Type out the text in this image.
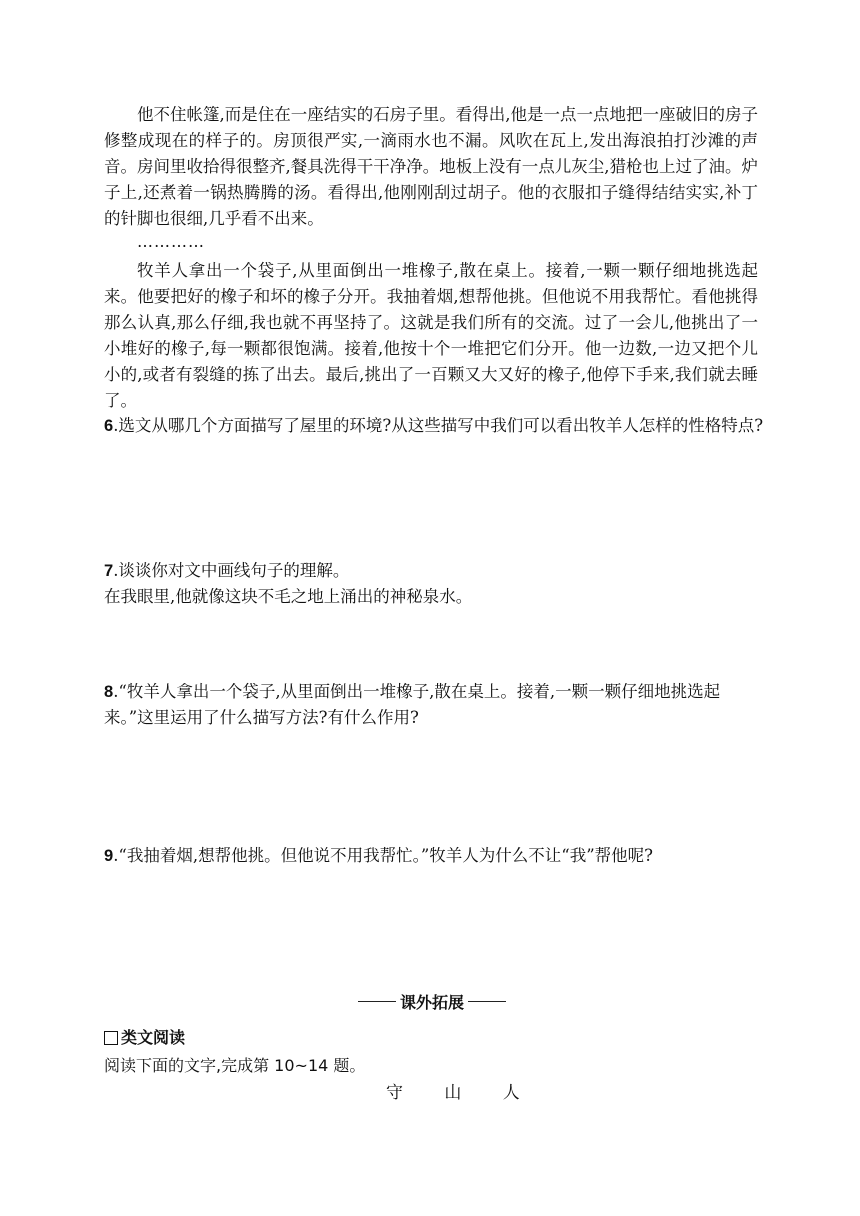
他不住帐篷,而是住在一座结实的石房子里。看得出,他是一点一点地把一座破旧的房子修整成现在的样子的。房顶很严实,一滴雨水也不漏。风吹在瓦上,发出海浪拍打沙滩的声音。房间里收拾得很整齐,餐具洗得干干净净。地板上没有一点儿灰尘,猎枪也上过了油。炉子上,还煮着一锅热腾腾的汤。看得出,他刚刚刮过胡子。他的衣服扣子缝得结结实实,补丁的针脚也很细,几乎看不出来。

…………

牧羊人拿出一个袋子,从里面倒出一堆橡子,散在桌上。接着,一颗一颗仔细地挑选起来。他要把好的橡子和坏的橡子分开。我抽着烟,想帮他挑。但他说不用我帮忙。看他挑得那么认真,那么仔细,我也就不再坚持了。这就是我们所有的交流。过了一会儿,他挑出了一小堆好的橡子,每一颗都很饱满。接着,他按十个一堆把它们分开。他一边数,一边又把个儿小的,或者有裂缝的拣了出去。最后,挑出了一百颗又大又好的橡子,他停下手来,我们就去睡了。

6.选文从哪几个方面描写了屋里的环境?从这些描写中我们可以看出牧羊人怎样的性格特点?

7.谈谈你对文中画线句子的理解。

在我眼里,他就像这块不毛之地上涌出的神秘泉水。

8.“牧羊人拿出一个袋子,从里面倒出一堆橡子,散在桌上。接着,一颗一颗仔细地挑选起来。”这里运用了什么描写方法?有什么作用?

9.“我抽着烟,想帮他挑。但他说不用我帮忙。”牧羊人为什么不让“我”帮他呢?

课外拓展
类文阅读
阅读下面的文字,完成第 10~14 题。
守 山 人
